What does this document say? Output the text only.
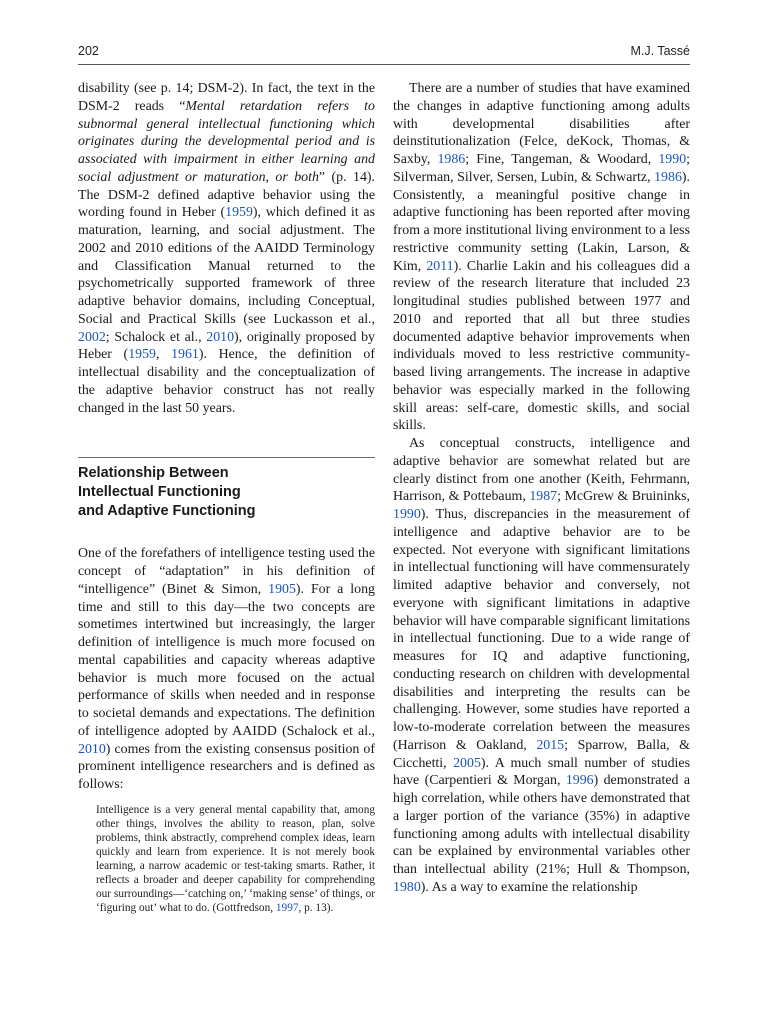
202	M.J. Tassé

disability (see p. 14; DSM-2). In fact, the text in the DSM-2 reads “Mental retardation refers to subnormal general intellectual functioning which originates during the developmental period and is associated with impairment in either learning and social adjustment or maturation, or both” (p. 14). The DSM-2 defined adaptive behavior using the wording found in Heber (1959), which defined it as maturation, learning, and social adjustment. The 2002 and 2010 editions of the AAIDD Terminology and Classification Manual returned to the psychometrically supported framework of three adaptive behavior domains, including Conceptual, Social and Practical Skills (see Luckasson et al., 2002; Schalock et al., 2010), originally proposed by Heber (1959, 1961). Hence, the definition of intellectual disability and the conceptualization of the adaptive behavior construct has not really changed in the last 50 years.

Relationship Between
Intellectual Functioning
and Adaptive Functioning

One of the forefathers of intelligence testing used the concept of “adaptation” in his definition of “intelligence” (Binet & Simon, 1905). For a long time and still to this day—the two concepts are sometimes intertwined but increasingly, the larger definition of intelligence is much more focused on mental capabilities and capacity whereas adaptive behavior is much more focused on the actual performance of skills when needed and in response to societal demands and expectations. The definition of intelligence adopted by AAIDD (Schalock et al., 2010) comes from the existing consensus position of prominent intelligence researchers and is defined as follows:

Intelligence is a very general mental capability that, among other things, involves the ability to reason, plan, solve problems, think abstractly, comprehend complex ideas, learn quickly and learn from experience. It is not merely book learning, a narrow academic or test-taking smarts. Rather, it reflects a broader and deeper capability for comprehending our surroundings—‘catching on,’ ‘making sense’ of things, or ‘figuring out’ what to do. (Gottfredson, 1997, p. 13).

There are a number of studies that have examined the changes in adaptive functioning among adults with developmental disabilities after deinstitutionalization (Felce, deKock, Thomas, & Saxby, 1986; Fine, Tangeman, & Woodard, 1990; Silverman, Silver, Sersen, Lubin, & Schwartz, 1986). Consistently, a meaningful positive change in adaptive functioning has been reported after moving from a more institutional living environment to a less restrictive community setting (Lakin, Larson, & Kim, 2011). Charlie Lakin and his colleagues did a review of the research literature that included 23 longitudinal studies published between 1977 and 2010 and reported that all but three studies documented adaptive behavior improvements when individuals moved to less restrictive community-based living arrangements. The increase in adaptive behavior was especially marked in the following skill areas: self-care, domestic skills, and social skills.

As conceptual constructs, intelligence and adaptive behavior are somewhat related but are clearly distinct from one another (Keith, Fehrmann, Harrison, & Pottebaum, 1987; McGrew & Bruininks, 1990). Thus, discrepancies in the measurement of intelligence and adaptive behavior are to be expected. Not everyone with significant limitations in intellectual functioning will have commensurately limited adaptive behavior and conversely, not everyone with significant limitations in adaptive behavior will have comparable significant limitations in intellectual functioning. Due to a wide range of measures for IQ and adaptive functioning, conducting research on children with developmental disabilities and interpreting the results can be challenging. However, some studies have reported a low-to-moderate correlation between the measures (Harrison & Oakland, 2015; Sparrow, Balla, & Cicchetti, 2005). A much small number of studies have (Carpentieri & Morgan, 1996) demonstrated a high correlation, while others have demonstrated that a larger portion of the variance (35%) in adaptive functioning among adults with intellectual disability can be explained by environmental variables other than intellectual ability (21%; Hull & Thompson, 1980). As a way to examine the relationship
